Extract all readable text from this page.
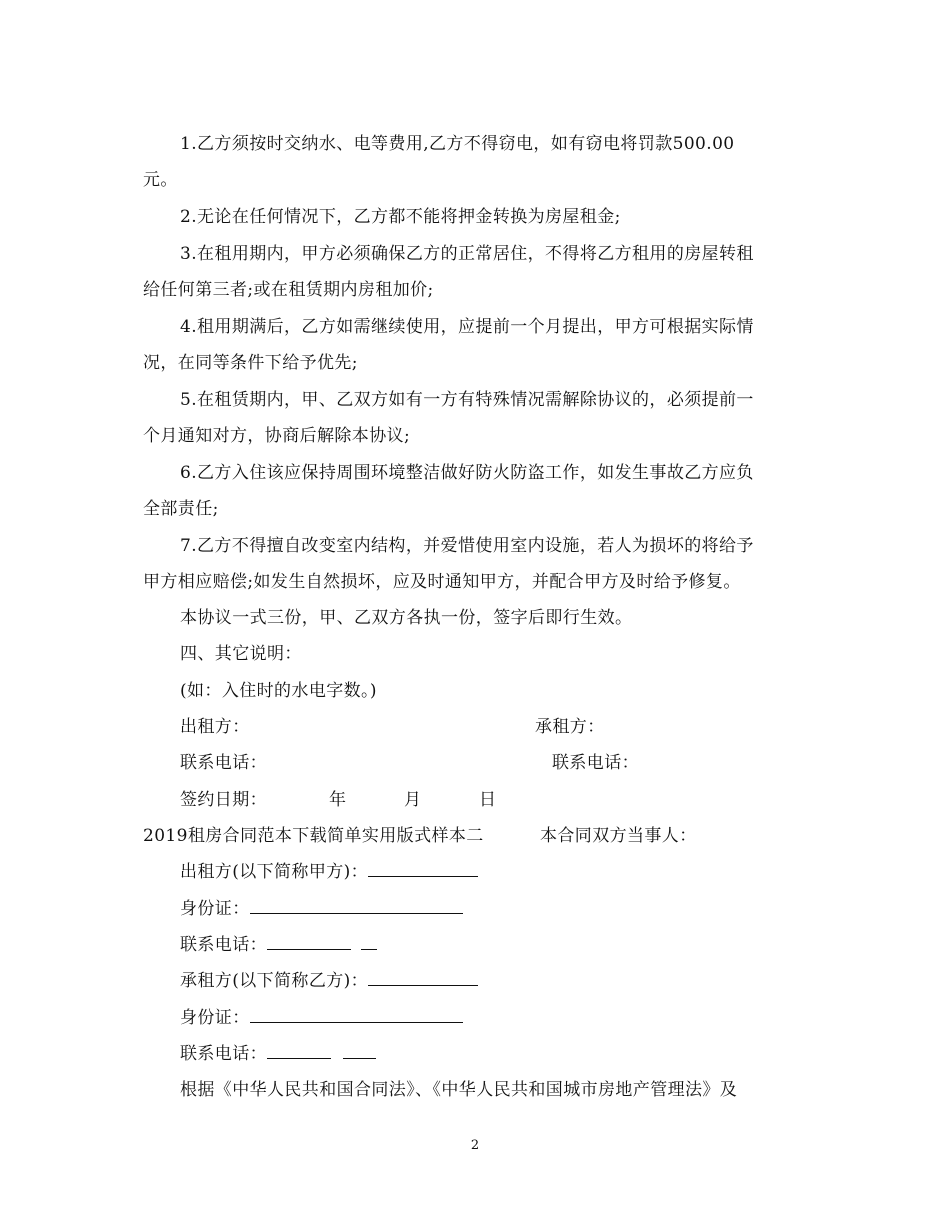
1.乙方须按时交纳水、电等费用,乙方不得窃电，如有窃电将罚款500.00
元。
2.无论在任何情况下，乙方都不能将押金转换为房屋租金;
3.在租用期内，甲方必须确保乙方的正常居住，不得将乙方租用的房屋转租
给任何第三者;或在租赁期内房租加价;
4.租用期满后，乙方如需继续使用，应提前一个月提出，甲方可根据实际情
况，在同等条件下给予优先;
5.在租赁期内，甲、乙双方如有一方有特殊情况需解除协议的，必须提前一
个月通知对方，协商后解除本协议;
6.乙方入住该应保持周围环境整洁做好防火防盗工作，如发生事故乙方应负
全部责任;
7.乙方不得擅自改变室内结构，并爱惜使用室内设施，若人为损坏的将给予
甲方相应赔偿;如发生自然损坏，应及时通知甲方，并配合甲方及时给予修复。
本协议一式三份，甲、乙双方各执一份，签字后即行生效。
四、其它说明：
(如：入住时的水电字数。)
出租方：	承租方：
联系电话：	联系电话：
签约日期：	年	月	日
2019租房合同范本下载简单实用版式样本二	本合同双方当事人：
出租方(以下简称甲方)：
身份证：
联系电话：
承租方(以下简称乙方)：
身份证：
联系电话：
根据《中华人民共和国合同法》、《中华人民共和国城市房地产管理法》及
2
